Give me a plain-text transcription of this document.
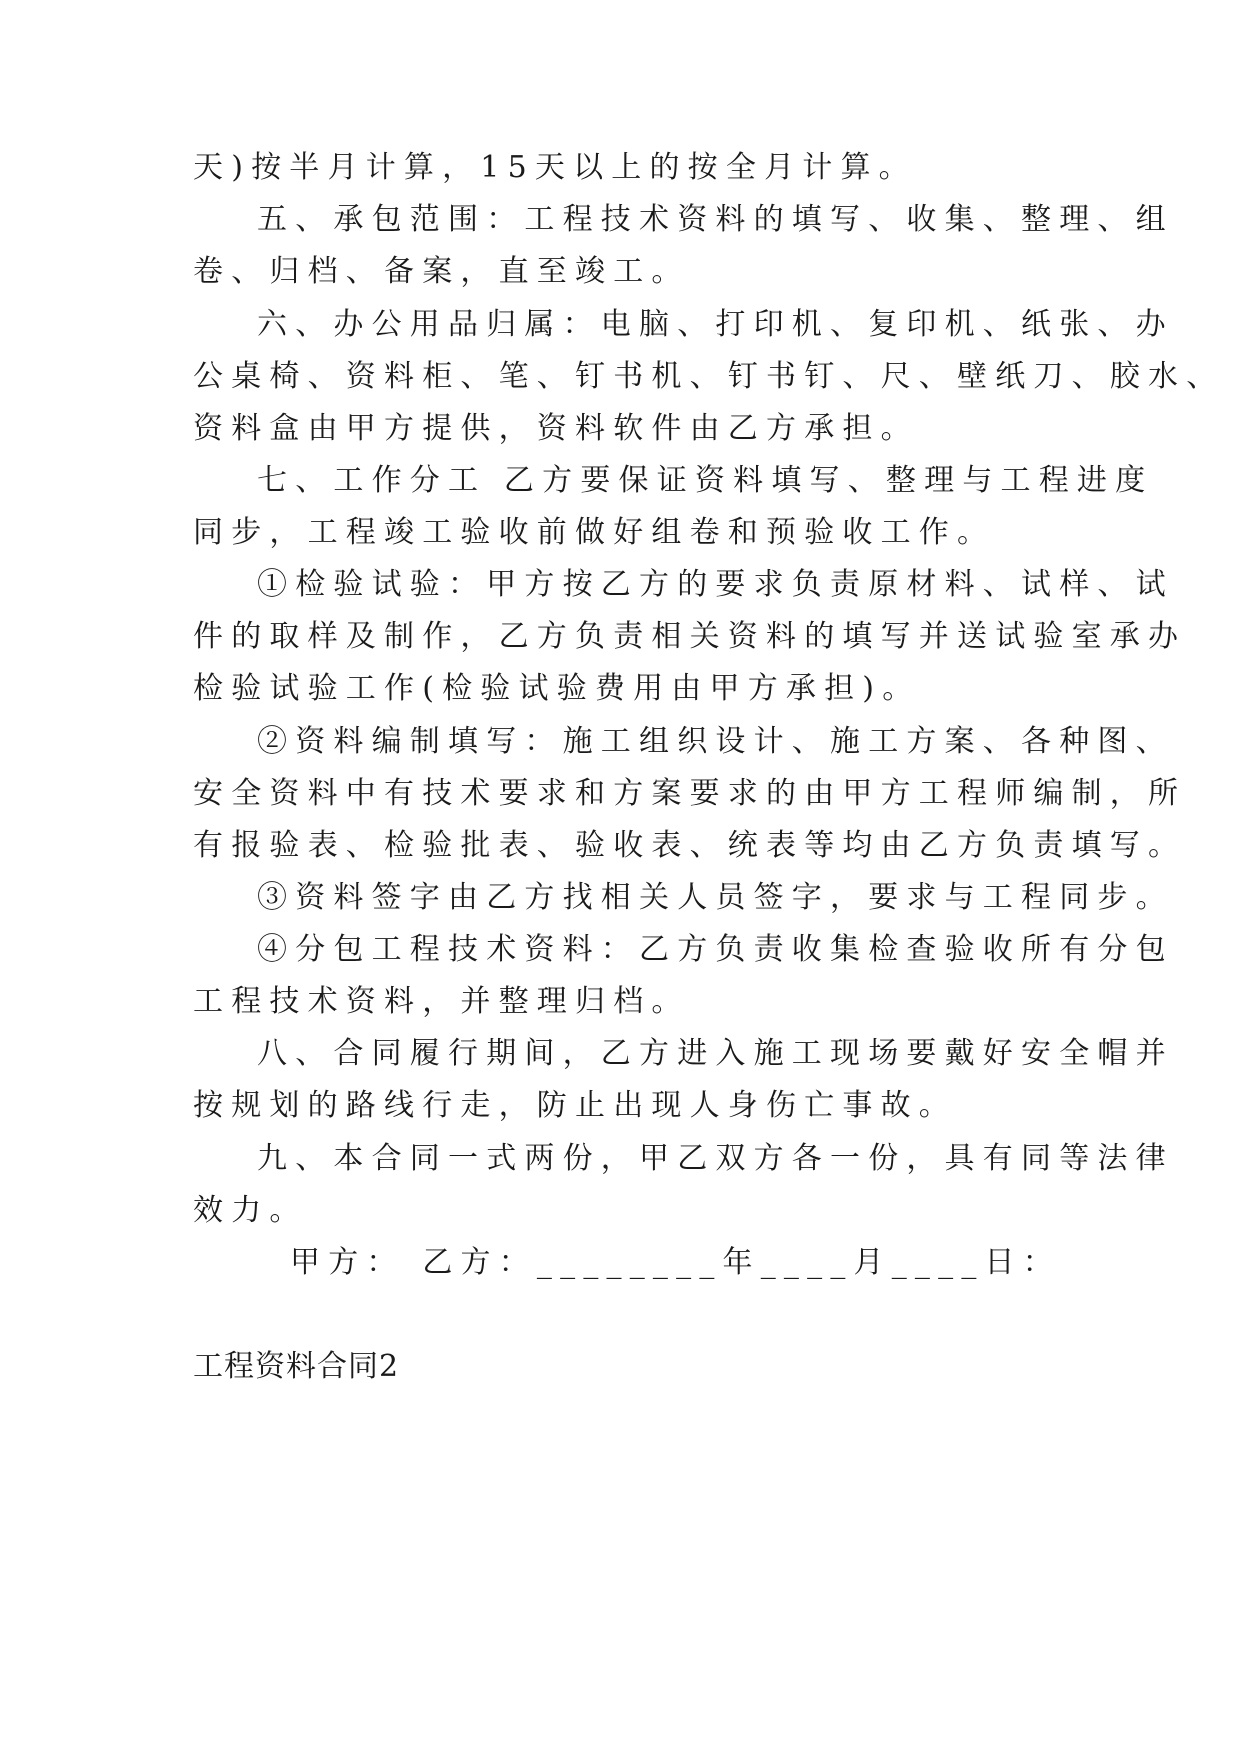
天)按半月计算，15天以上的按全月计算。
五、承包范围：工程技术资料的填写、收集、整理、组
卷、归档、备案，直至竣工。
六、办公用品归属：电脑、打印机、复印机、纸张、办
公桌椅、资料柜、笔、钉书机、钉书钉、尺、壁纸刀、胶水、
资料盒由甲方提供，资料软件由乙方承担。
七、工作分工 乙方要保证资料填写、整理与工程进度
同步，工程竣工验收前做好组卷和预验收工作。
①检验试验：甲方按乙方的要求负责原材料、试样、试
件的取样及制作，乙方负责相关资料的填写并送试验室承办
检验试验工作(检验试验费用由甲方承担)。
②资料编制填写：施工组织设计、施工方案、各种图、
安全资料中有技术要求和方案要求的由甲方工程师编制，所
有报验表、检验批表、验收表、统表等均由乙方负责填写。
③资料签字由乙方找相关人员签字，要求与工程同步。
④分包工程技术资料：乙方负责收集检查验收所有分包
工程技术资料，并整理归档。
八、合同履行期间，乙方进入施工现场要戴好安全帽并
按规划的路线行走，防止出现人身伤亡事故。
九、本合同一式两份，甲乙双方各一份，具有同等法律
效力。
甲方： 乙方：________年____月____日：
工程资料合同2
